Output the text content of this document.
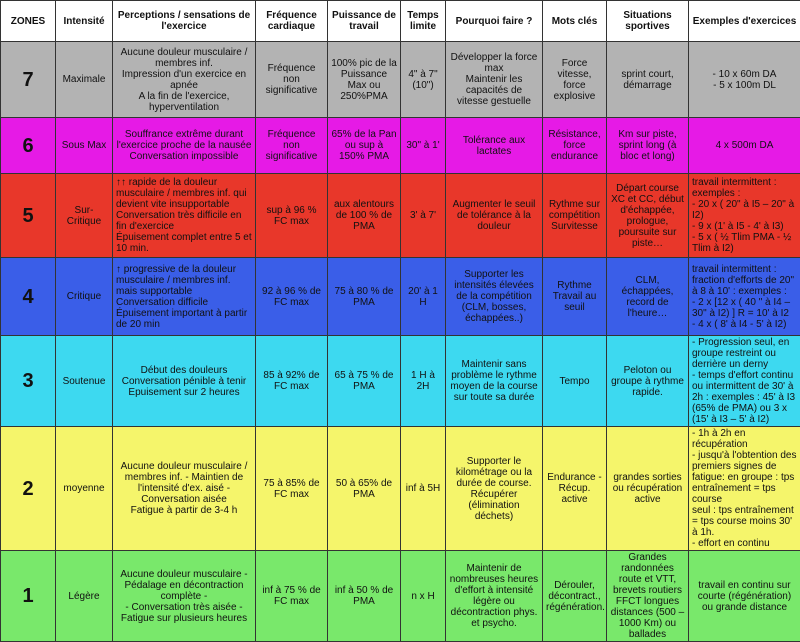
ZONES	Intensité	Perceptions / sensations de l'exercice	Fréquence cardiaque	Puissance de travail	Temps limite	Pourquoi faire ?	Mots clés	Situations sportives	Exemples d'exercices
7	Maximale	Aucune douleur musculaire / membres inf.
Impression d'un exercice en apnée
A la fin de l'exercice, hyperventilation	Fréquence non significative	100% pic de la Puissance Max ou 250%PMA	4" à 7" (10")	Développer la force max
Maintenir les capacités de vitesse gestuelle	Force vitesse, force explosive	sprint court, démarrage	- 10 x 60m DA
- 5 x 100m DL
6	Sous Max	Souffrance extrême durant l'exercice proche de la nausée
Conversation impossible	Fréquence non significative	65% de la Pan
ou sup à 150% PMA	30" à 1'	Tolérance aux lactates	Résistance, force endurance	Km sur piste, sprint long (à bloc et long)	4 x 500m DA
5	Sur-Critique	↑↑ rapide de la douleur musculaire / membres inf. qui devient vite insupportable
Conversation très difficile en fin d'exercice
Épuisement complet entre 5 et 10 min.	sup à 96 % FC max	aux alentours de 100 % de PMA	3' à 7'	Augmenter le seuil de tolérance à la douleur	Rythme sur compétition Survitesse	Départ course XC et CC, début d'échappée, prologue, poursuite sur piste…	travail intermittent : exemples :
- 20 x ( 20" à I5 – 20" à I2)
- 9 x (1' à I5 - 4' à I3)
- 5 x ( ½ Tlim PMA - ½ Tlim à I2)
4	Critique	↑ progressive de la douleur musculaire / membres inf. mais supportable
Conversation difficile
Épuisement important à partir de 20 min	92 à 96 % de FC max	75 à 80 % de PMA	20' à 1 H	Supporter les intensités élevées de la compétition (CLM, bosses, échappées..)	Rythme Travail au seuil	CLM, échappées, record de l'heure…	travail intermittent : fraction d'efforts de 20" à 8 à 10' : exemples :
- 2 x [12 x ( 40 " à I4 – 30" à I2) ] R = 10' à I2
- 4 x ( 8' à I4 - 5' à I2)
3	Soutenue	Début des douleurs
Conversation pénible à tenir
Epuisement sur 2 heures	85 à 92% de FC max	65 à 75 % de PMA	1 H à 2H	Maintenir sans problème le rythme moyen de la course sur toute sa durée	Tempo	Peloton ou groupe à rythme rapide.	- Progression seul, en groupe restreint ou derrière un derny
- temps d'effort continu ou intermittent de 30' à 2h : exemples : 45' à I3 (65% de PMA) ou 3 x (15' à I3 – 5' à I2)
2	moyenne	Aucune douleur musculaire / membres inf. - Maintien de l'intensité d'ex. aisé - Conversation aisée
Fatigue à partir de 3-4 h	75 à 85% de FC max	50 à 65% de PMA	inf à 5H	Supporter le kilométrage ou la durée de course. Récupérer (élimination déchets)	Endurance - Récup. active	grandes sorties ou récupération active	- 1h à 2h en récupération
- jusqu'à l'obtention des premiers signes de fatigue: en groupe : tps entraînement = tps course
seul : tps entraînement = tps course moins 30' à 1h.
- effort en continu
1	Légère	Aucune douleur musculaire - Pédalage en décontraction complète -
- Conversation très aisée -
Fatigue sur plusieurs heures	inf à 75 % de FC max	inf à 50 % de PMA	n x H	Maintenir de nombreuses heures d'effort à intensité légère ou décontraction phys. et psycho.	Dérouler, décontract., régénération.	Grandes randonnées route et VTT, brevets routiers FFCT longues distances (500 – 1000 Km) ou ballades	travail en continu sur courte (régénération) ou grande distance
